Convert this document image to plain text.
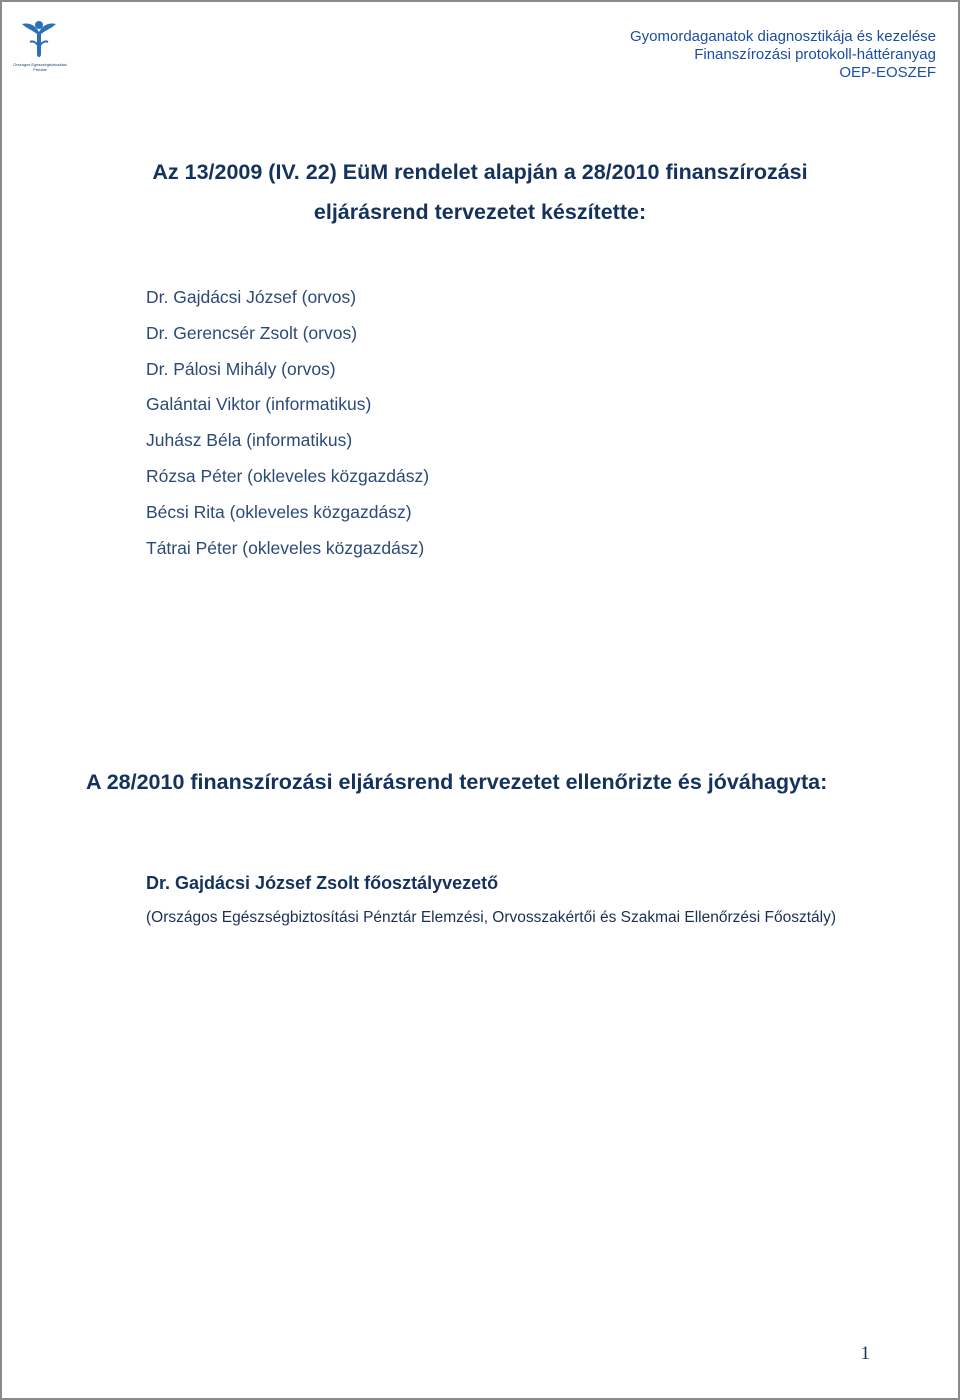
Országos Egészségbiztosítási Pénztár
Gyomordaganatok diagnosztikája és kezelése
Finanszírozási protokoll-háttéranyag
OEP-EOSZEF
Az 13/2009 (IV. 22) EüM rendelet alapján a 28/2010 finanszírozási
eljárásrend tervezetet készítette:
Dr. Gajdácsi József (orvos)
Dr. Gerencsér Zsolt (orvos)
Dr. Pálosi Mihály (orvos)
Galántai Viktor (informatikus)
Juhász Béla (informatikus)
Rózsa Péter (okleveles közgazdász)
Bécsi Rita (okleveles közgazdász)
Tátrai Péter (okleveles közgazdász)
A 28/2010 finanszírozási eljárásrend tervezetet ellenőrizte és jóváhagyta:
Dr. Gajdácsi József Zsolt főosztályvezető
(Országos Egészségbiztosítási Pénztár Elemzési, Orvosszakértői és Szakmai Ellenőrzési Főosztály)
1
